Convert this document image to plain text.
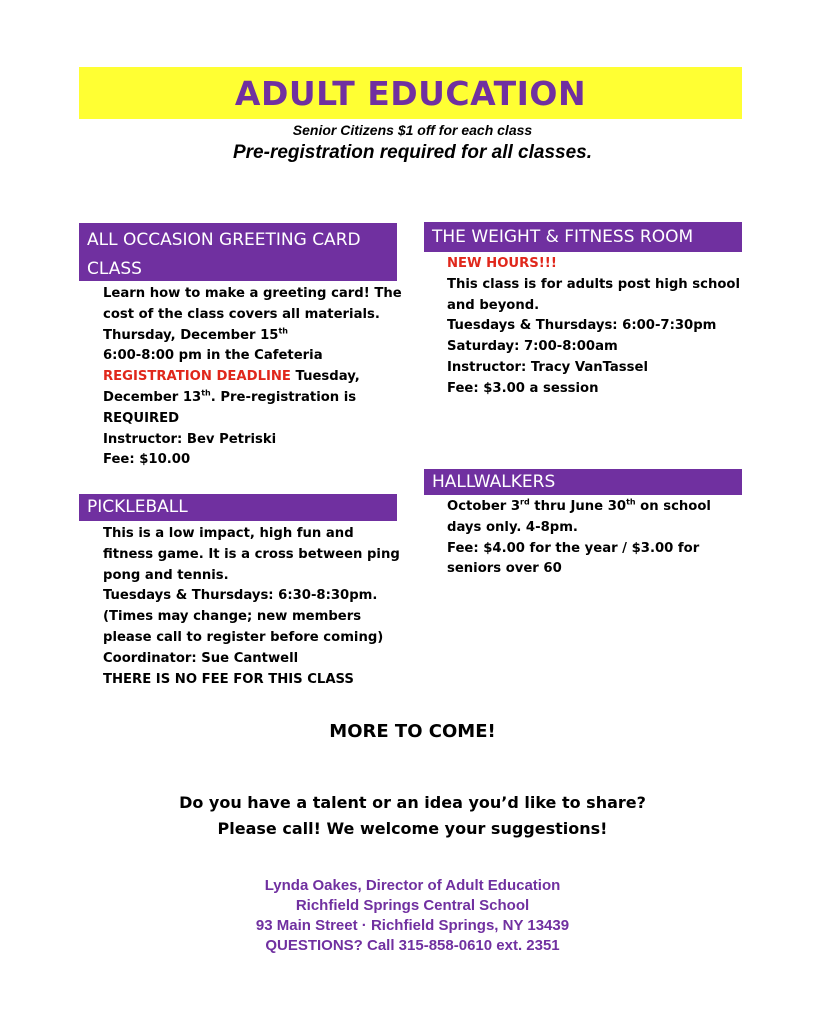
ADULT EDUCATION
Senior Citizens $1 off for each class
Pre-registration required for all classes.
ALL OCCASION GREETING CARD
CLASS
Learn how to make a greeting card! The
cost of the class covers all materials.
Thursday, December 15th
6:00-8:00 pm in the Cafeteria
REGISTRATION DEADLINE Tuesday,
December 13th. Pre-registration is
REQUIRED
Instructor: Bev Petriski
Fee: $10.00
PICKLEBALL
This is a low impact, high fun and
fitness game. It is a cross between ping
pong and tennis.
Tuesdays & Thursdays: 6:30-8:30pm.
(Times may change; new members
please call to register before coming)
Coordinator: Sue Cantwell
THERE IS NO FEE FOR THIS CLASS
THE WEIGHT & FITNESS ROOM
NEW HOURS!!!
This class is for adults post high school
and beyond.
Tuesdays & Thursdays: 6:00-7:30pm
Saturday: 7:00-8:00am
Instructor: Tracy VanTassel
Fee: $3.00 a session
HALLWALKERS
October 3rd thru June 30th on school
days only. 4-8pm.
Fee: $4.00 for the year / $3.00 for
seniors over 60
MORE TO COME!
Do you have a talent or an idea you’d like to share?
Please call! We welcome your suggestions!
Lynda Oakes, Director of Adult Education
Richfield Springs Central School
93 Main Street · Richfield Springs, NY 13439
QUESTIONS? Call 315-858-0610 ext. 2351
